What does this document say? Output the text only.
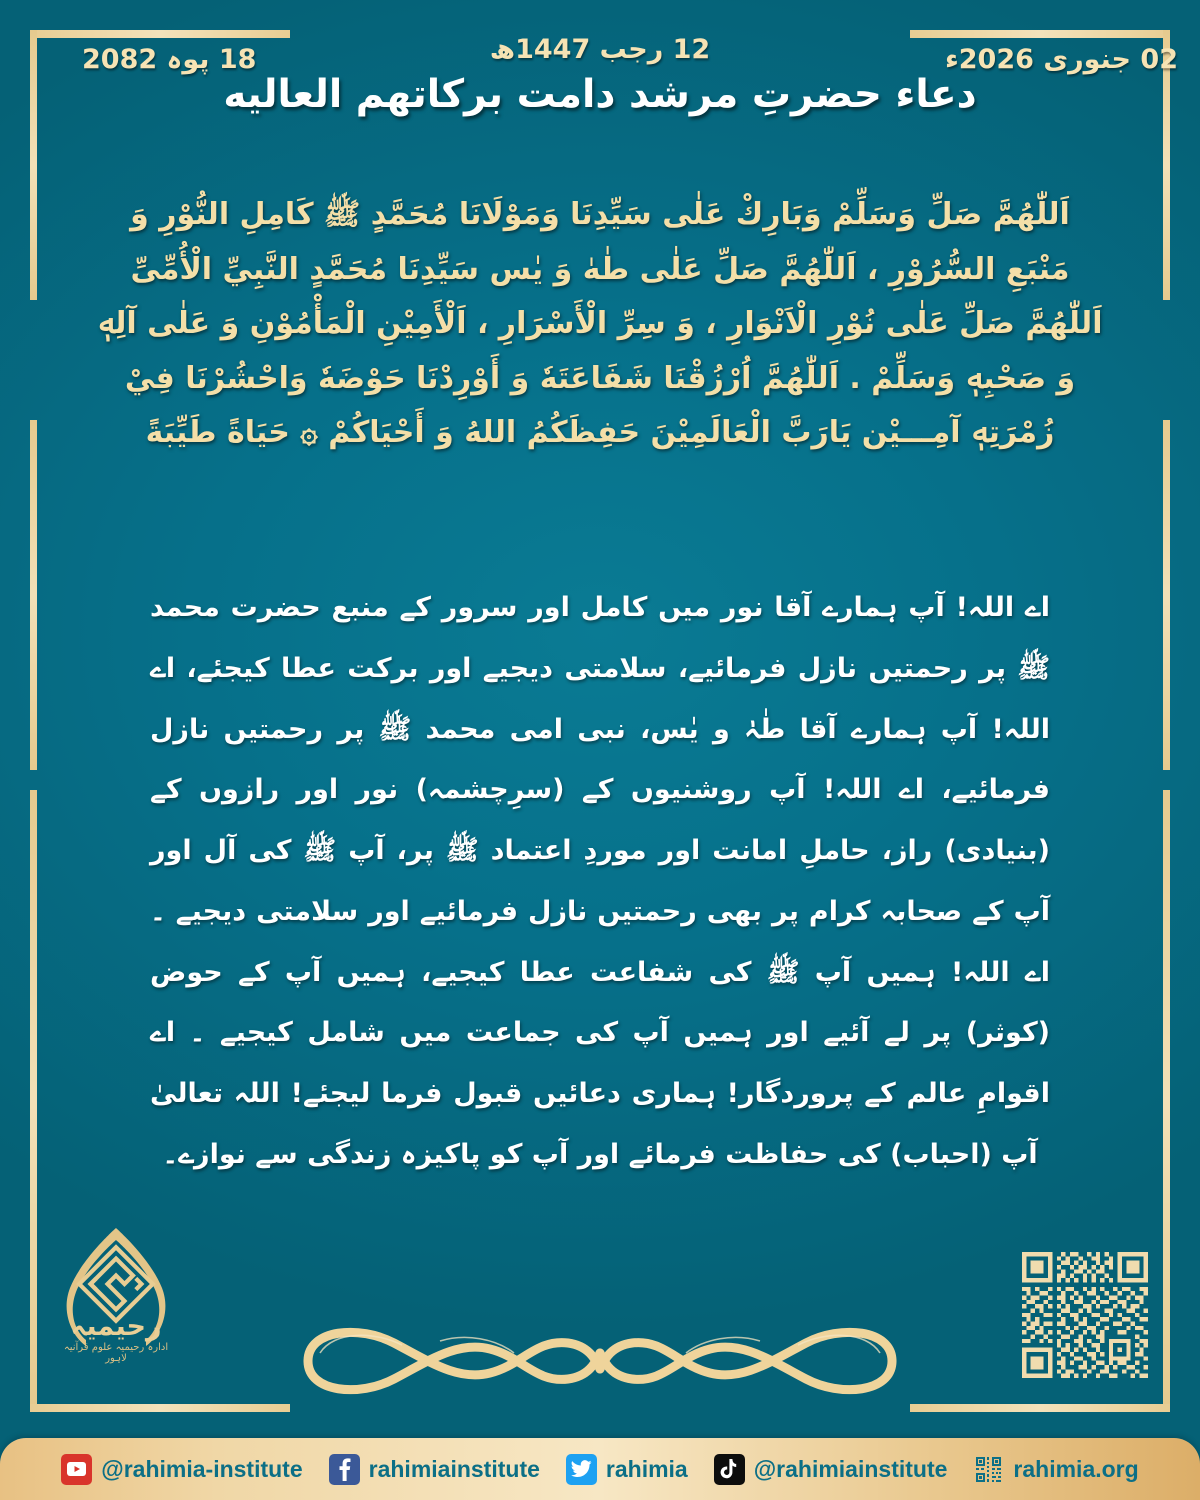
12 رجب 1447ھ	02 جنوری 2026ء
18 پوہ 2082
دعاء حضرتِ مرشد دامت بركاتهم العاليه
اَللّٰهُمَّ صَلِّ وَسَلِّمْ وَبَارِكْ عَلٰی سَيِّدِنَا وَمَوْلَانَا مُحَمَّدٍ ﷺ كَامِلِ النُّوْرِ وَ مَنْبَعِ السُّرُوْرِ ، اَللّٰهُمَّ صَلِّ عَلٰی طٰهٰ وَ يٰس سَيِّدِنَا مُحَمَّدٍ النَّبِيِّ الْأُمِّیِّ اَللّٰهُمَّ صَلِّ عَلٰی نُوْرِ الْاَنْوَارِ ، وَ سِرِّ الْأَسْرَارِ ، اَلْأَمِيْنِ الْمَأْمُوْنِ وَ عَلٰی آلِهٖ وَ صَحْبِهٖ وَسَلِّمْ . اَللّٰهُمَّ اُرْزُقْنَا شَفَاعَتَهٗ وَ أَوْرِدْنَا حَوْضَهٗ وَاحْشُرْنَا فِيْ زُمْرَتِهٖ آمِـــيْن يَارَبَّ الْعَالَمِيْنَ حَفِظَكُمُ اللهُ وَ أَحْيَاكُمْ ۞ حَيَاةً طَيِّبَةً
اے اللہ! آپ ہمارے آقا نور میں کامل اور سرور کے منبع حضرت محمد ﷺ پر رحمتیں نازل فرمائیے، سلامتی دیجیے اور بركت عطا کیجئے، اے اللہ! آپ ہمارے آقا طٰہٰ و یٰس، نبی امی محمد ﷺ پر رحمتیں نازل فرمائیے، اے اللہ! آپ روشنیوں کے (سرِچشمہ) نور اور رازوں کے (بنیادی) راز، حاملِ امانت اور موردِ اعتماد ﷺ پر، آپ ﷺ کی آل اور آپ کے صحابہ کرام پر بھی رحمتیں نازل فرمائیے اور سلامتی دیجیے ۔ اے اللہ! ہمیں آپ ﷺ کی شفاعت عطا کیجیے، ہمیں آپ کے حوض (کوثر) پر لے آئیے اور ہمیں آپ کی جماعت میں شامل کیجیے ۔ اے اقوامِ عالم کے پروردگار! ہماری دعائیں قبول فرما لیجئے! اللہ تعالیٰ آپ (احباب) کی حفاظت فرمائے اور آپ کو پاکیزہ زندگی سے نوازے۔
رحیمیہ
ادارہ رحیمیہ علوم قرآنیہ لاہور
@rahimia-institute	rahimiainstitute	rahimia	@rahimiainstitute	rahimia.org
